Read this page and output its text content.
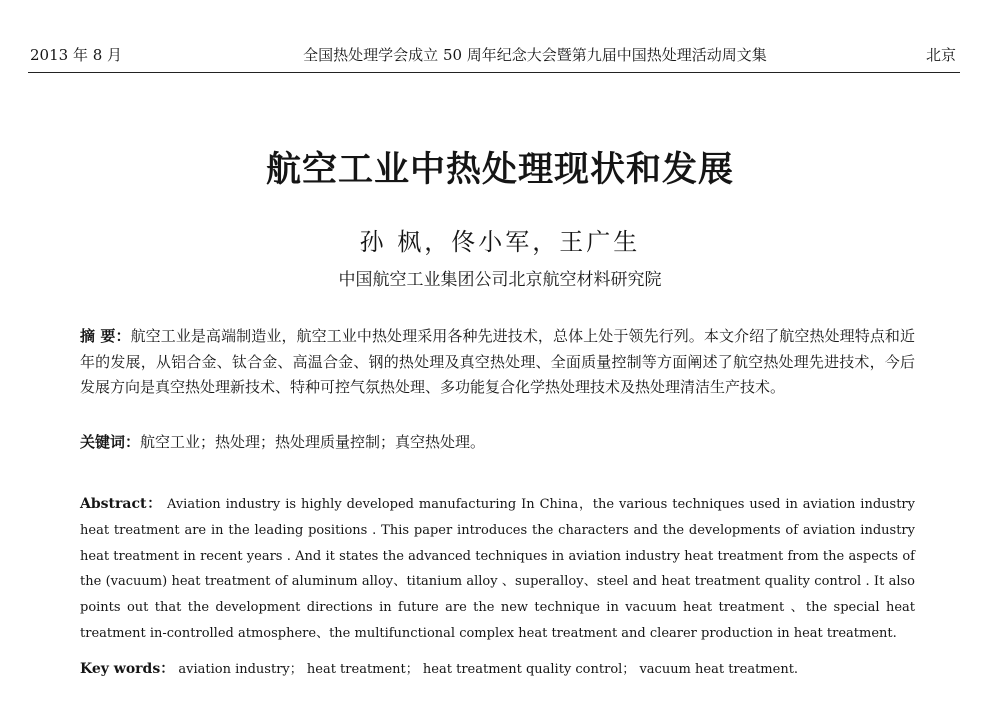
2013 年 8 月	全国热处理学会成立 50 周年纪念大会暨第九届中国热处理活动周文集	北京
航空工业中热处理现状和发展
孙 枫，佟小军，王广生
中国航空工业集团公司北京航空材料研究院
摘 要：航空工业是高端制造业，航空工业中热处理采用各种先进技术，总体上处于领先行列。本文介绍了航空热处理特点和近年的发展，从铝合金、钛合金、高温合金、钢的热处理及真空热处理、全面质量控制等方面阐述了航空热处理先进技术，今后发展方向是真空热处理新技术、特种可控气氛热处理、多功能复合化学热处理技术及热处理清洁生产技术。
关键词：航空工业；热处理；热处理质量控制；真空热处理。
Abstract： Aviation industry is highly developed manufacturing In China，the various techniques used in aviation industry heat treatment are in the leading positions . This paper introduces the characters and the developments of aviation industry heat treatment in recent years . And it states the advanced techniques in aviation industry heat treatment from the aspects of the (vacuum) heat treatment of aluminum alloy、titanium alloy 、superalloy、steel and heat treatment quality control . It also points out that the development directions in future are the new technique in vacuum heat treatment 、the special heat treatment in-controlled atmosphere、the multifunctional complex heat treatment and clearer production in heat treatment.
Key words： aviation industry； heat treatment； heat treatment quality control； vacuum heat treatment.
